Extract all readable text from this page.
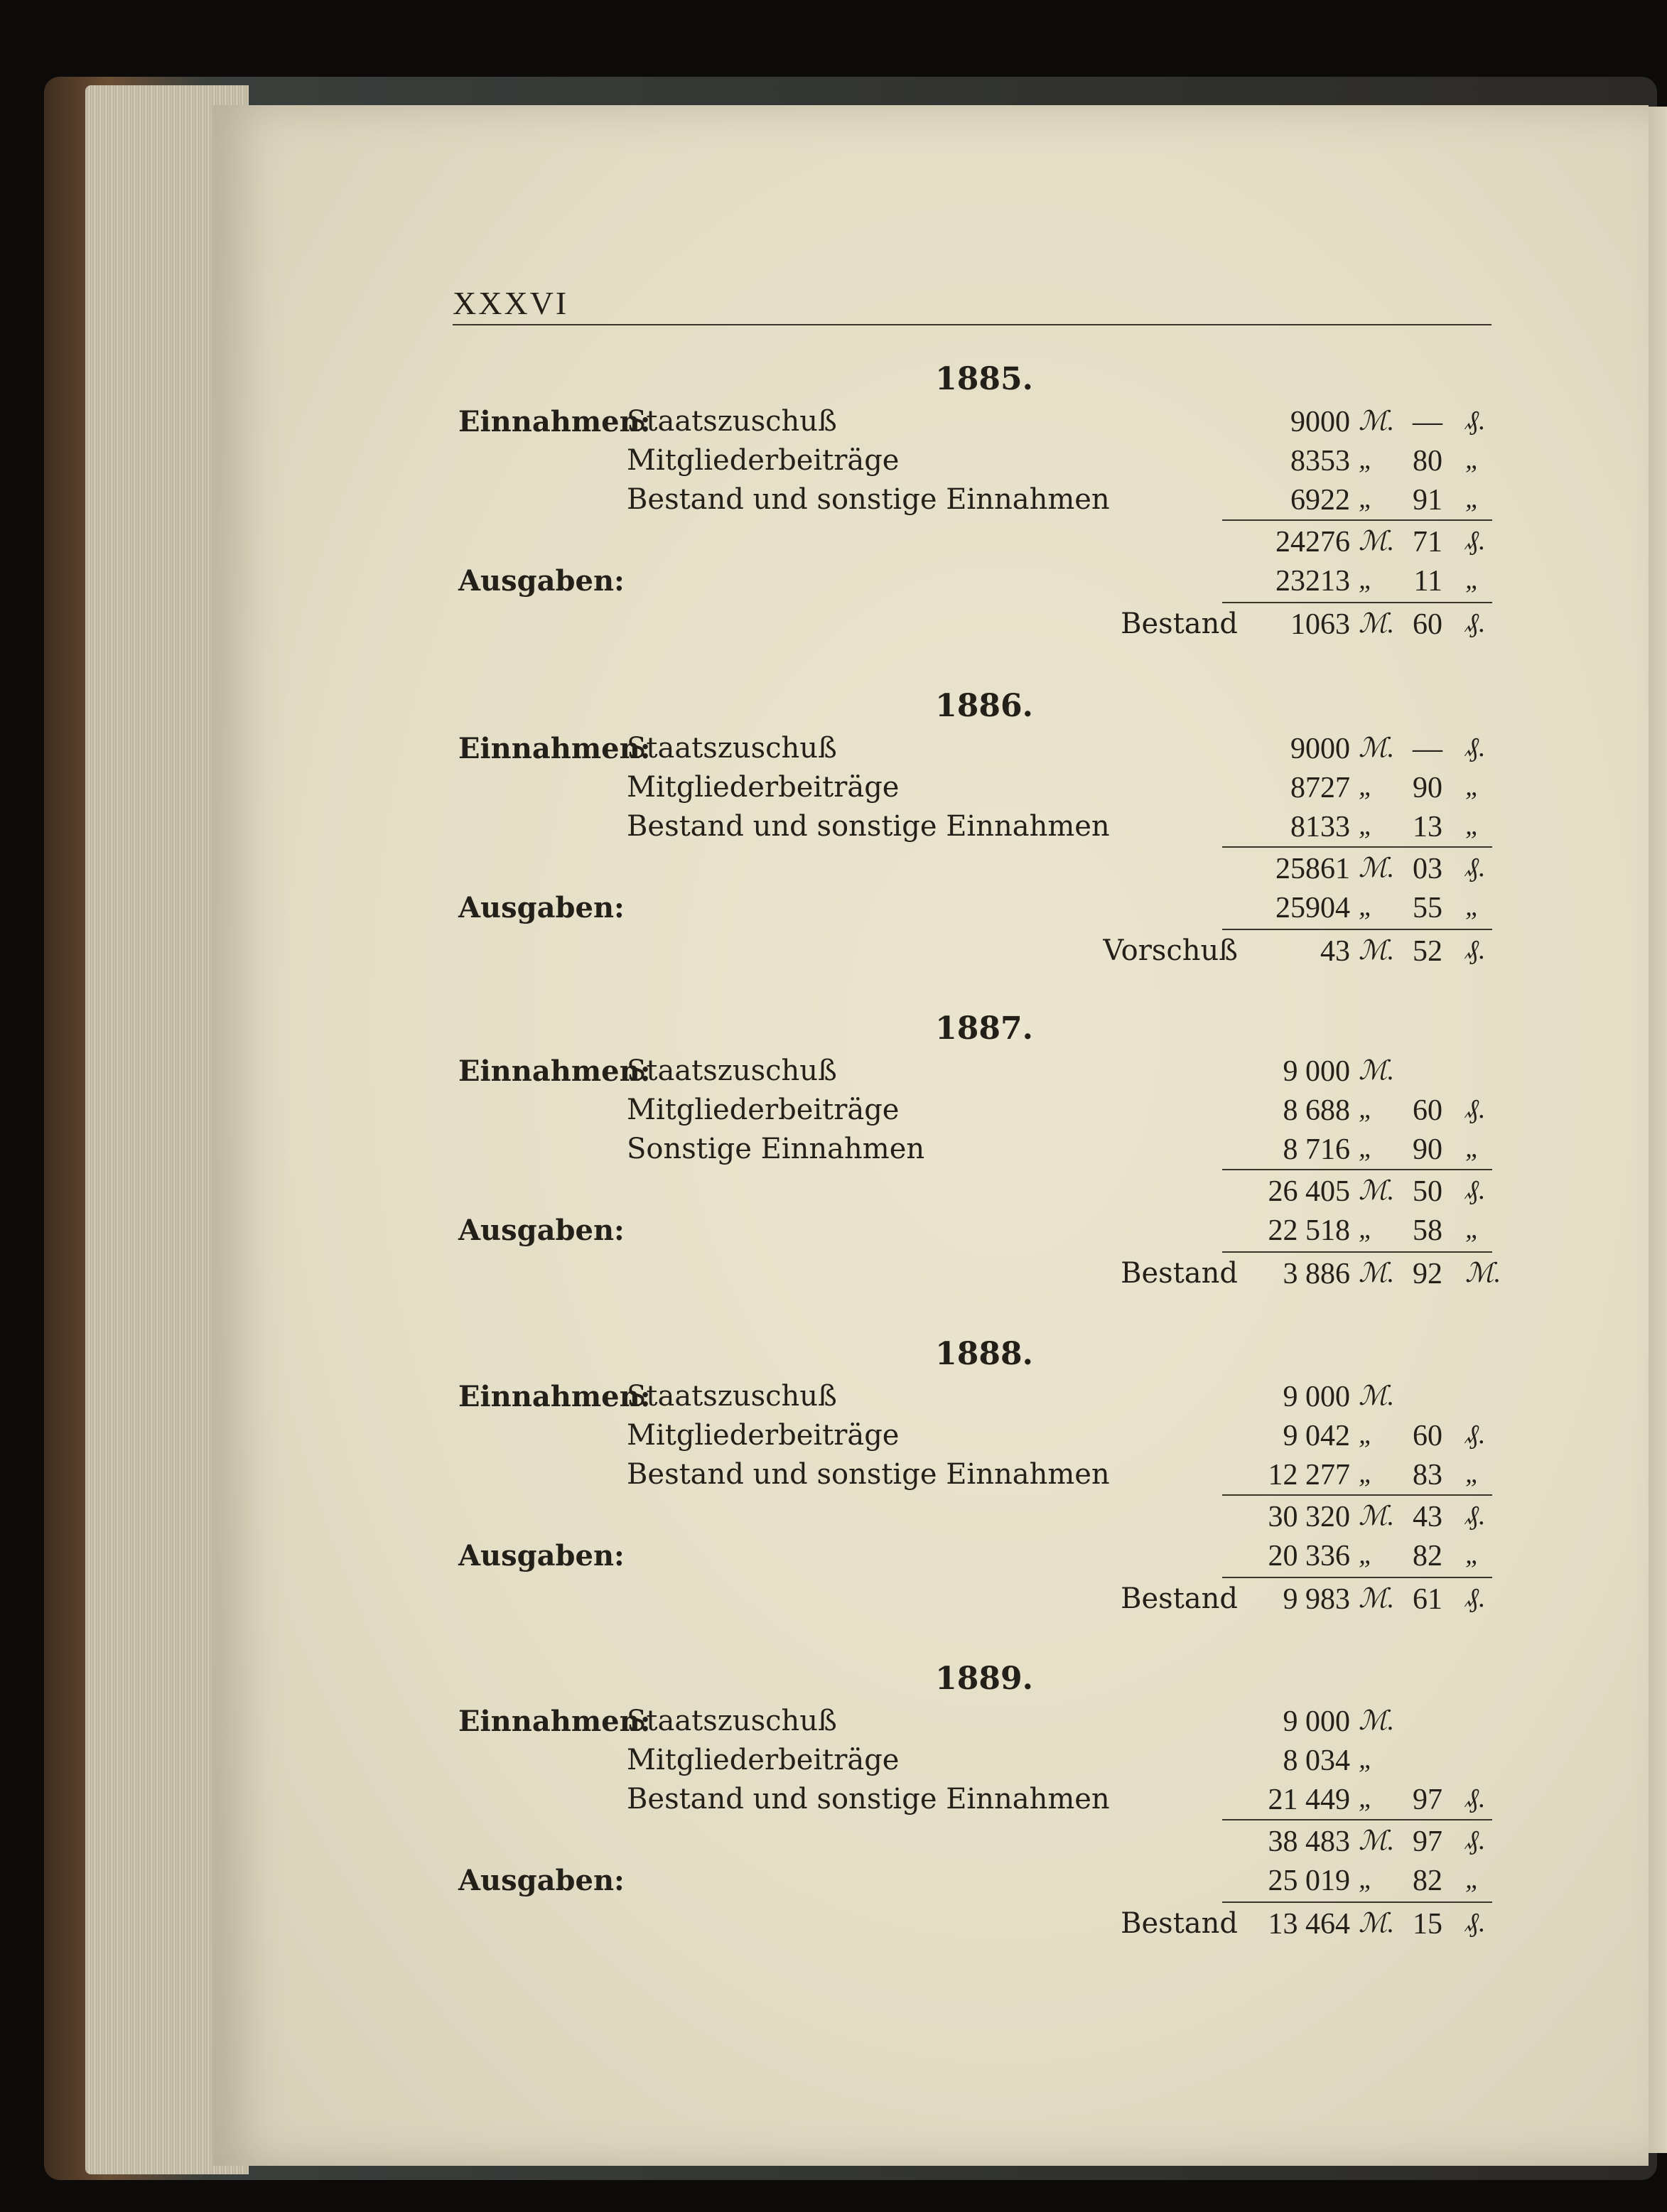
XXXVI
1885.
Einnahmen:
Staatszuschuß	9000 ℳ. — ₰.
Mitgliederbeiträge	8353 „ 80 „
Bestand und sonstige Einnahmen	6922 „ 91 „
24276 ℳ. 71 ₰.
Ausgaben:	23213 „ 11 „
Bestand 1063 ℳ. 60 ₰.
1886.
Einnahmen:
Staatszuschuß	9000 ℳ. — ₰.
Mitgliederbeiträge	8727 „ 90 „
Bestand und sonstige Einnahmen	8133 „ 13 „
25861 ℳ. 03 ₰.
Ausgaben:	25904 „ 55 „
Vorschuß	43 ℳ. 52 ₰.
1887.
Einnahmen:
Staatszuschuß	9 000 ℳ.
Mitgliederbeiträge	8 688 „ 60 ₰.
Sonstige Einnahmen	8 716 „ 90 „
26 405 ℳ. 50 ₰.
Ausgaben:	22 518 „ 58 „
Bestand 3 886 ℳ. 92 ℳ.
1888.
Einnahmen:
Staatszuschuß	9 000 ℳ.
Mitgliederbeiträge	9 042 „ 60 ₰.
Bestand und sonstige Einnahmen	12 277 „ 83 „
30 320 ℳ. 43 ₰.
Ausgaben:	20 336 „ 82 „
Bestand 9 983 ℳ. 61 ₰.
1889.
Einnahmen:
Staatszuschuß	9 000 ℳ.
Mitgliederbeiträge	8 034 „
Bestand und sonstige Einnahmen	21 449 „ 97 ₰.
38 483 ℳ. 97 ₰.
Ausgaben:	25 019 „ 82 „
Bestand 13 464 ℳ. 15 ₰.
